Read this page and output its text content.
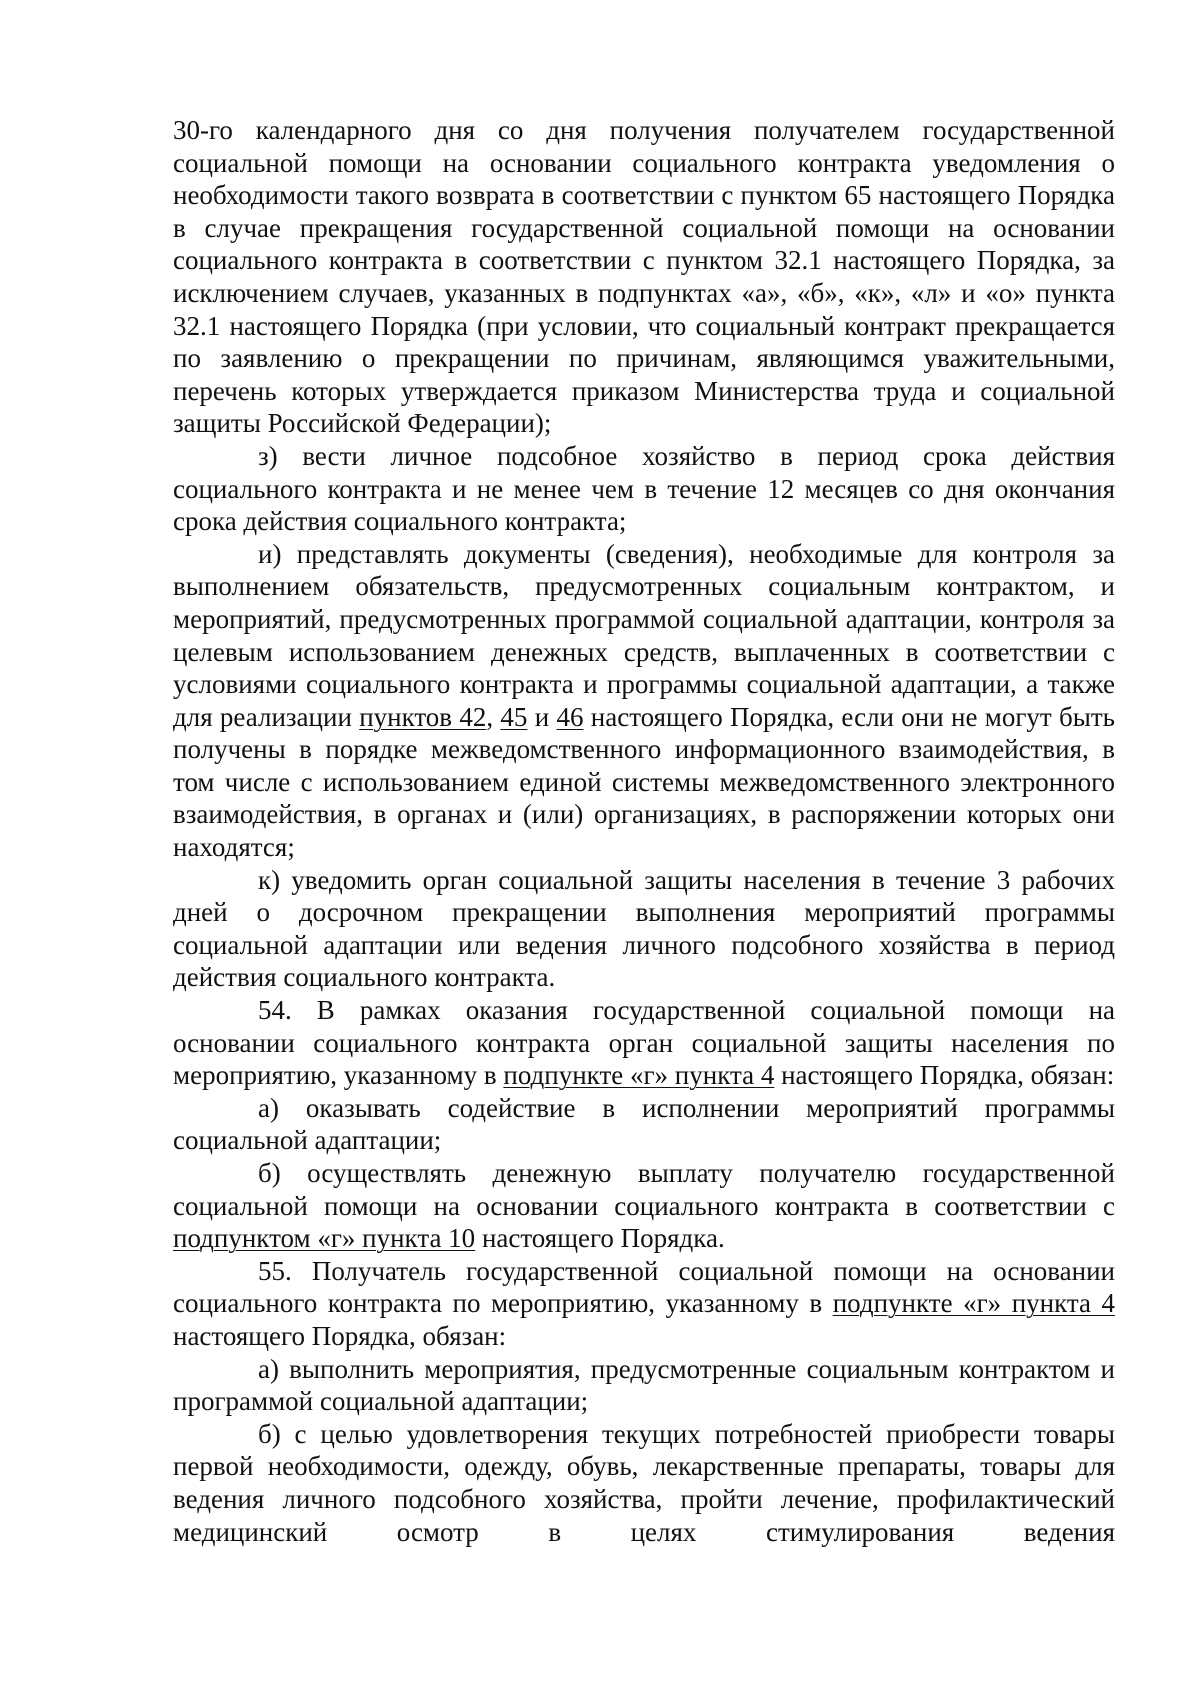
30-го календарного дня со дня получения получателем государственной социальной помощи на основании социального контракта уведомления о необходимости такого возврата в соответствии с пунктом 65 настоящего Порядка в случае прекращения государственной социальной помощи на основании социального контракта в соответствии с пунктом 32.1 настоящего Порядка, за исключением случаев, указанных в подпунктах «а», «б», «к», «л» и «о» пункта 32.1 настоящего Порядка (при условии, что социальный контракт прекращается по заявлению о прекращении по причинам, являющимся уважительными, перечень которых утверждается приказом Министерства труда и социальной защиты Российской Федерации);

з) вести личное подсобное хозяйство в период срока действия социального контракта и не менее чем в течение 12 месяцев со дня окончания срока действия социального контракта;

и) представлять документы (сведения), необходимые для контроля за выполнением обязательств, предусмотренных социальным контрактом, и мероприятий, предусмотренных программой социальной адаптации, контроля за целевым использованием денежных средств, выплаченных в соответствии с условиями социального контракта и программы социальной адаптации, а также для реализации пунктов 42, 45 и 46 настоящего Порядка, если они не могут быть получены в порядке межведомственного информационного взаимодействия, в том числе с использованием единой системы межведомственного электронного взаимодействия, в органах и (или) организациях, в распоряжении которых они находятся;

к) уведомить орган социальной защиты населения в течение 3 рабочих дней о досрочном прекращении выполнения мероприятий программы социальной адаптации или ведения личного подсобного хозяйства в период действия социального контракта.

54. В рамках оказания государственной социальной помощи на основании социального контракта орган социальной защиты населения по мероприятию, указанному в подпункте «г» пункта 4 настоящего Порядка, обязан:

а) оказывать содействие в исполнении мероприятий программы социальной адаптации;

б) осуществлять денежную выплату получателю государственной социальной помощи на основании социального контракта в соответствии с подпунктом «г» пункта 10 настоящего Порядка.

55. Получатель государственной социальной помощи на основании социального контракта по мероприятию, указанному в подпункте «г» пункта 4 настоящего Порядка, обязан:

а) выполнить мероприятия, предусмотренные социальным контрактом и программой социальной адаптации;

б) с целью удовлетворения текущих потребностей приобрести товары первой необходимости, одежду, обувь, лекарственные препараты, товары для ведения личного подсобного хозяйства, пройти лечение, профилактический медицинский осмотр в целях стимулирования ведения
